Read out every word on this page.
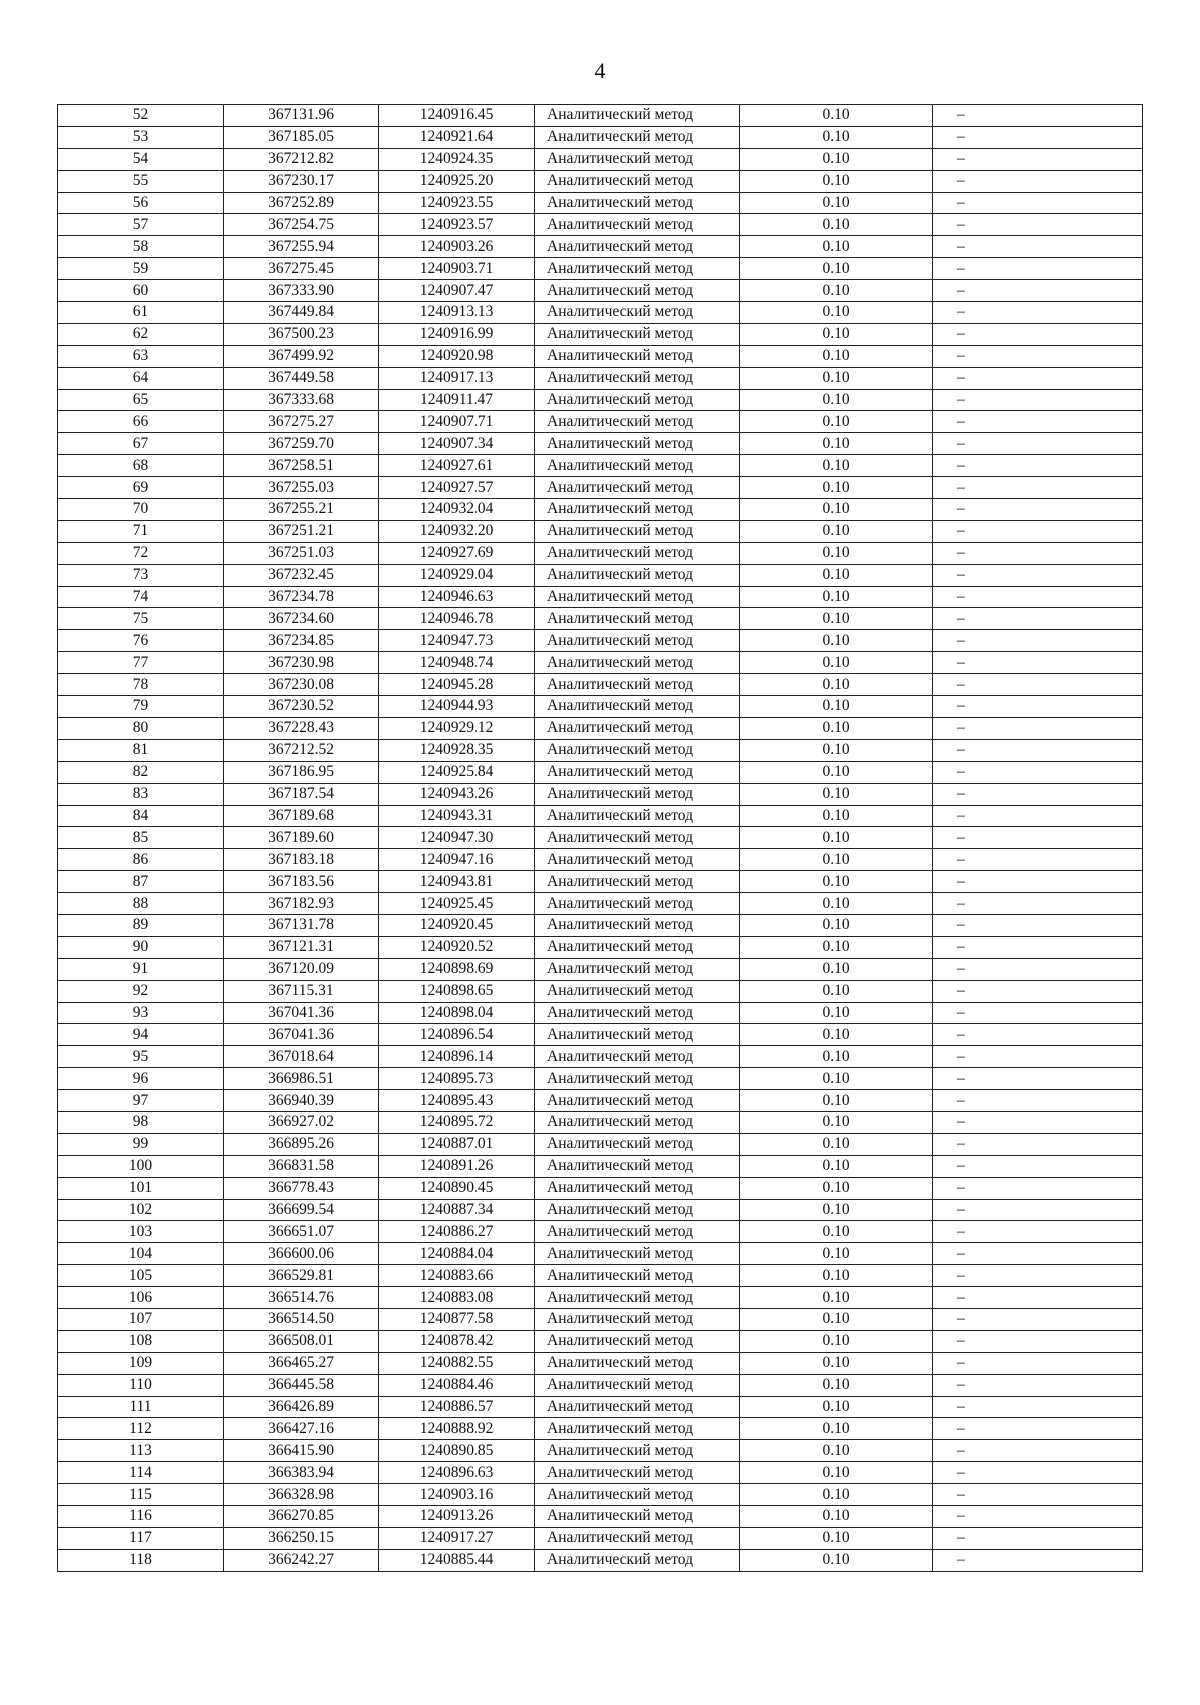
4
52	367131.96	1240916.45	Аналитический метод	0.10	–
53	367185.05	1240921.64	Аналитический метод	0.10	–
54	367212.82	1240924.35	Аналитический метод	0.10	–
55	367230.17	1240925.20	Аналитический метод	0.10	–
56	367252.89	1240923.55	Аналитический метод	0.10	–
57	367254.75	1240923.57	Аналитический метод	0.10	–
58	367255.94	1240903.26	Аналитический метод	0.10	–
59	367275.45	1240903.71	Аналитический метод	0.10	–
60	367333.90	1240907.47	Аналитический метод	0.10	–
61	367449.84	1240913.13	Аналитический метод	0.10	–
62	367500.23	1240916.99	Аналитический метод	0.10	–
63	367499.92	1240920.98	Аналитический метод	0.10	–
64	367449.58	1240917.13	Аналитический метод	0.10	–
65	367333.68	1240911.47	Аналитический метод	0.10	–
66	367275.27	1240907.71	Аналитический метод	0.10	–
67	367259.70	1240907.34	Аналитический метод	0.10	–
68	367258.51	1240927.61	Аналитический метод	0.10	–
69	367255.03	1240927.57	Аналитический метод	0.10	–
70	367255.21	1240932.04	Аналитический метод	0.10	–
71	367251.21	1240932.20	Аналитический метод	0.10	–
72	367251.03	1240927.69	Аналитический метод	0.10	–
73	367232.45	1240929.04	Аналитический метод	0.10	–
74	367234.78	1240946.63	Аналитический метод	0.10	–
75	367234.60	1240946.78	Аналитический метод	0.10	–
76	367234.85	1240947.73	Аналитический метод	0.10	–
77	367230.98	1240948.74	Аналитический метод	0.10	–
78	367230.08	1240945.28	Аналитический метод	0.10	–
79	367230.52	1240944.93	Аналитический метод	0.10	–
80	367228.43	1240929.12	Аналитический метод	0.10	–
81	367212.52	1240928.35	Аналитический метод	0.10	–
82	367186.95	1240925.84	Аналитический метод	0.10	–
83	367187.54	1240943.26	Аналитический метод	0.10	–
84	367189.68	1240943.31	Аналитический метод	0.10	–
85	367189.60	1240947.30	Аналитический метод	0.10	–
86	367183.18	1240947.16	Аналитический метод	0.10	–
87	367183.56	1240943.81	Аналитический метод	0.10	–
88	367182.93	1240925.45	Аналитический метод	0.10	–
89	367131.78	1240920.45	Аналитический метод	0.10	–
90	367121.31	1240920.52	Аналитический метод	0.10	–
91	367120.09	1240898.69	Аналитический метод	0.10	–
92	367115.31	1240898.65	Аналитический метод	0.10	–
93	367041.36	1240898.04	Аналитический метод	0.10	–
94	367041.36	1240896.54	Аналитический метод	0.10	–
95	367018.64	1240896.14	Аналитический метод	0.10	–
96	366986.51	1240895.73	Аналитический метод	0.10	–
97	366940.39	1240895.43	Аналитический метод	0.10	–
98	366927.02	1240895.72	Аналитический метод	0.10	–
99	366895.26	1240887.01	Аналитический метод	0.10	–
100	366831.58	1240891.26	Аналитический метод	0.10	–
101	366778.43	1240890.45	Аналитический метод	0.10	–
102	366699.54	1240887.34	Аналитический метод	0.10	–
103	366651.07	1240886.27	Аналитический метод	0.10	–
104	366600.06	1240884.04	Аналитический метод	0.10	–
105	366529.81	1240883.66	Аналитический метод	0.10	–
106	366514.76	1240883.08	Аналитический метод	0.10	–
107	366514.50	1240877.58	Аналитический метод	0.10	–
108	366508.01	1240878.42	Аналитический метод	0.10	–
109	366465.27	1240882.55	Аналитический метод	0.10	–
110	366445.58	1240884.46	Аналитический метод	0.10	–
111	366426.89	1240886.57	Аналитический метод	0.10	–
112	366427.16	1240888.92	Аналитический метод	0.10	–
113	366415.90	1240890.85	Аналитический метод	0.10	–
114	366383.94	1240896.63	Аналитический метод	0.10	–
115	366328.98	1240903.16	Аналитический метод	0.10	–
116	366270.85	1240913.26	Аналитический метод	0.10	–
117	366250.15	1240917.27	Аналитический метод	0.10	–
118	366242.27	1240885.44	Аналитический метод	0.10	–
